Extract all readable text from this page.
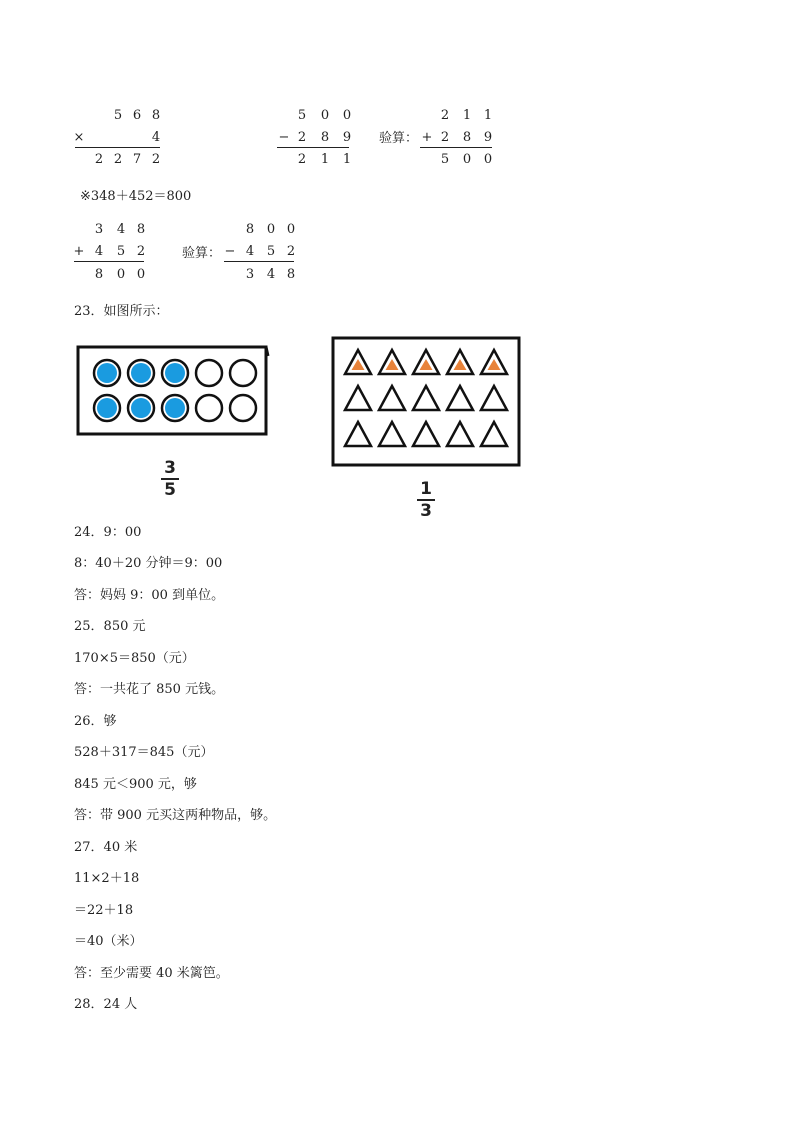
5 6 8
×	4
2 2 7 2
5 0 0
− 2 8 9
2 1 1
验算：
2 1 1
+ 2 8 9
5 0 0
※348＋452＝800
3 4 8
+ 4 5 2
8 0 0
验算：
8 0 0
− 4 5 2
3 4 8
23．如图所示：
3
5	1
3
24．9：00
8：40＋20 分钟＝9：00
答：妈妈 9：00 到单位。
25．850 元
170×5＝850（元）
答：一共花了 850 元钱。
26．够
528＋317＝845（元）
845 元＜900 元，够
答：带 900 元买这两种物品，够。
27．40 米
11×2＋18
＝22＋18
＝40（米）
答：至少需要 40 米篱笆。
28．24 人
